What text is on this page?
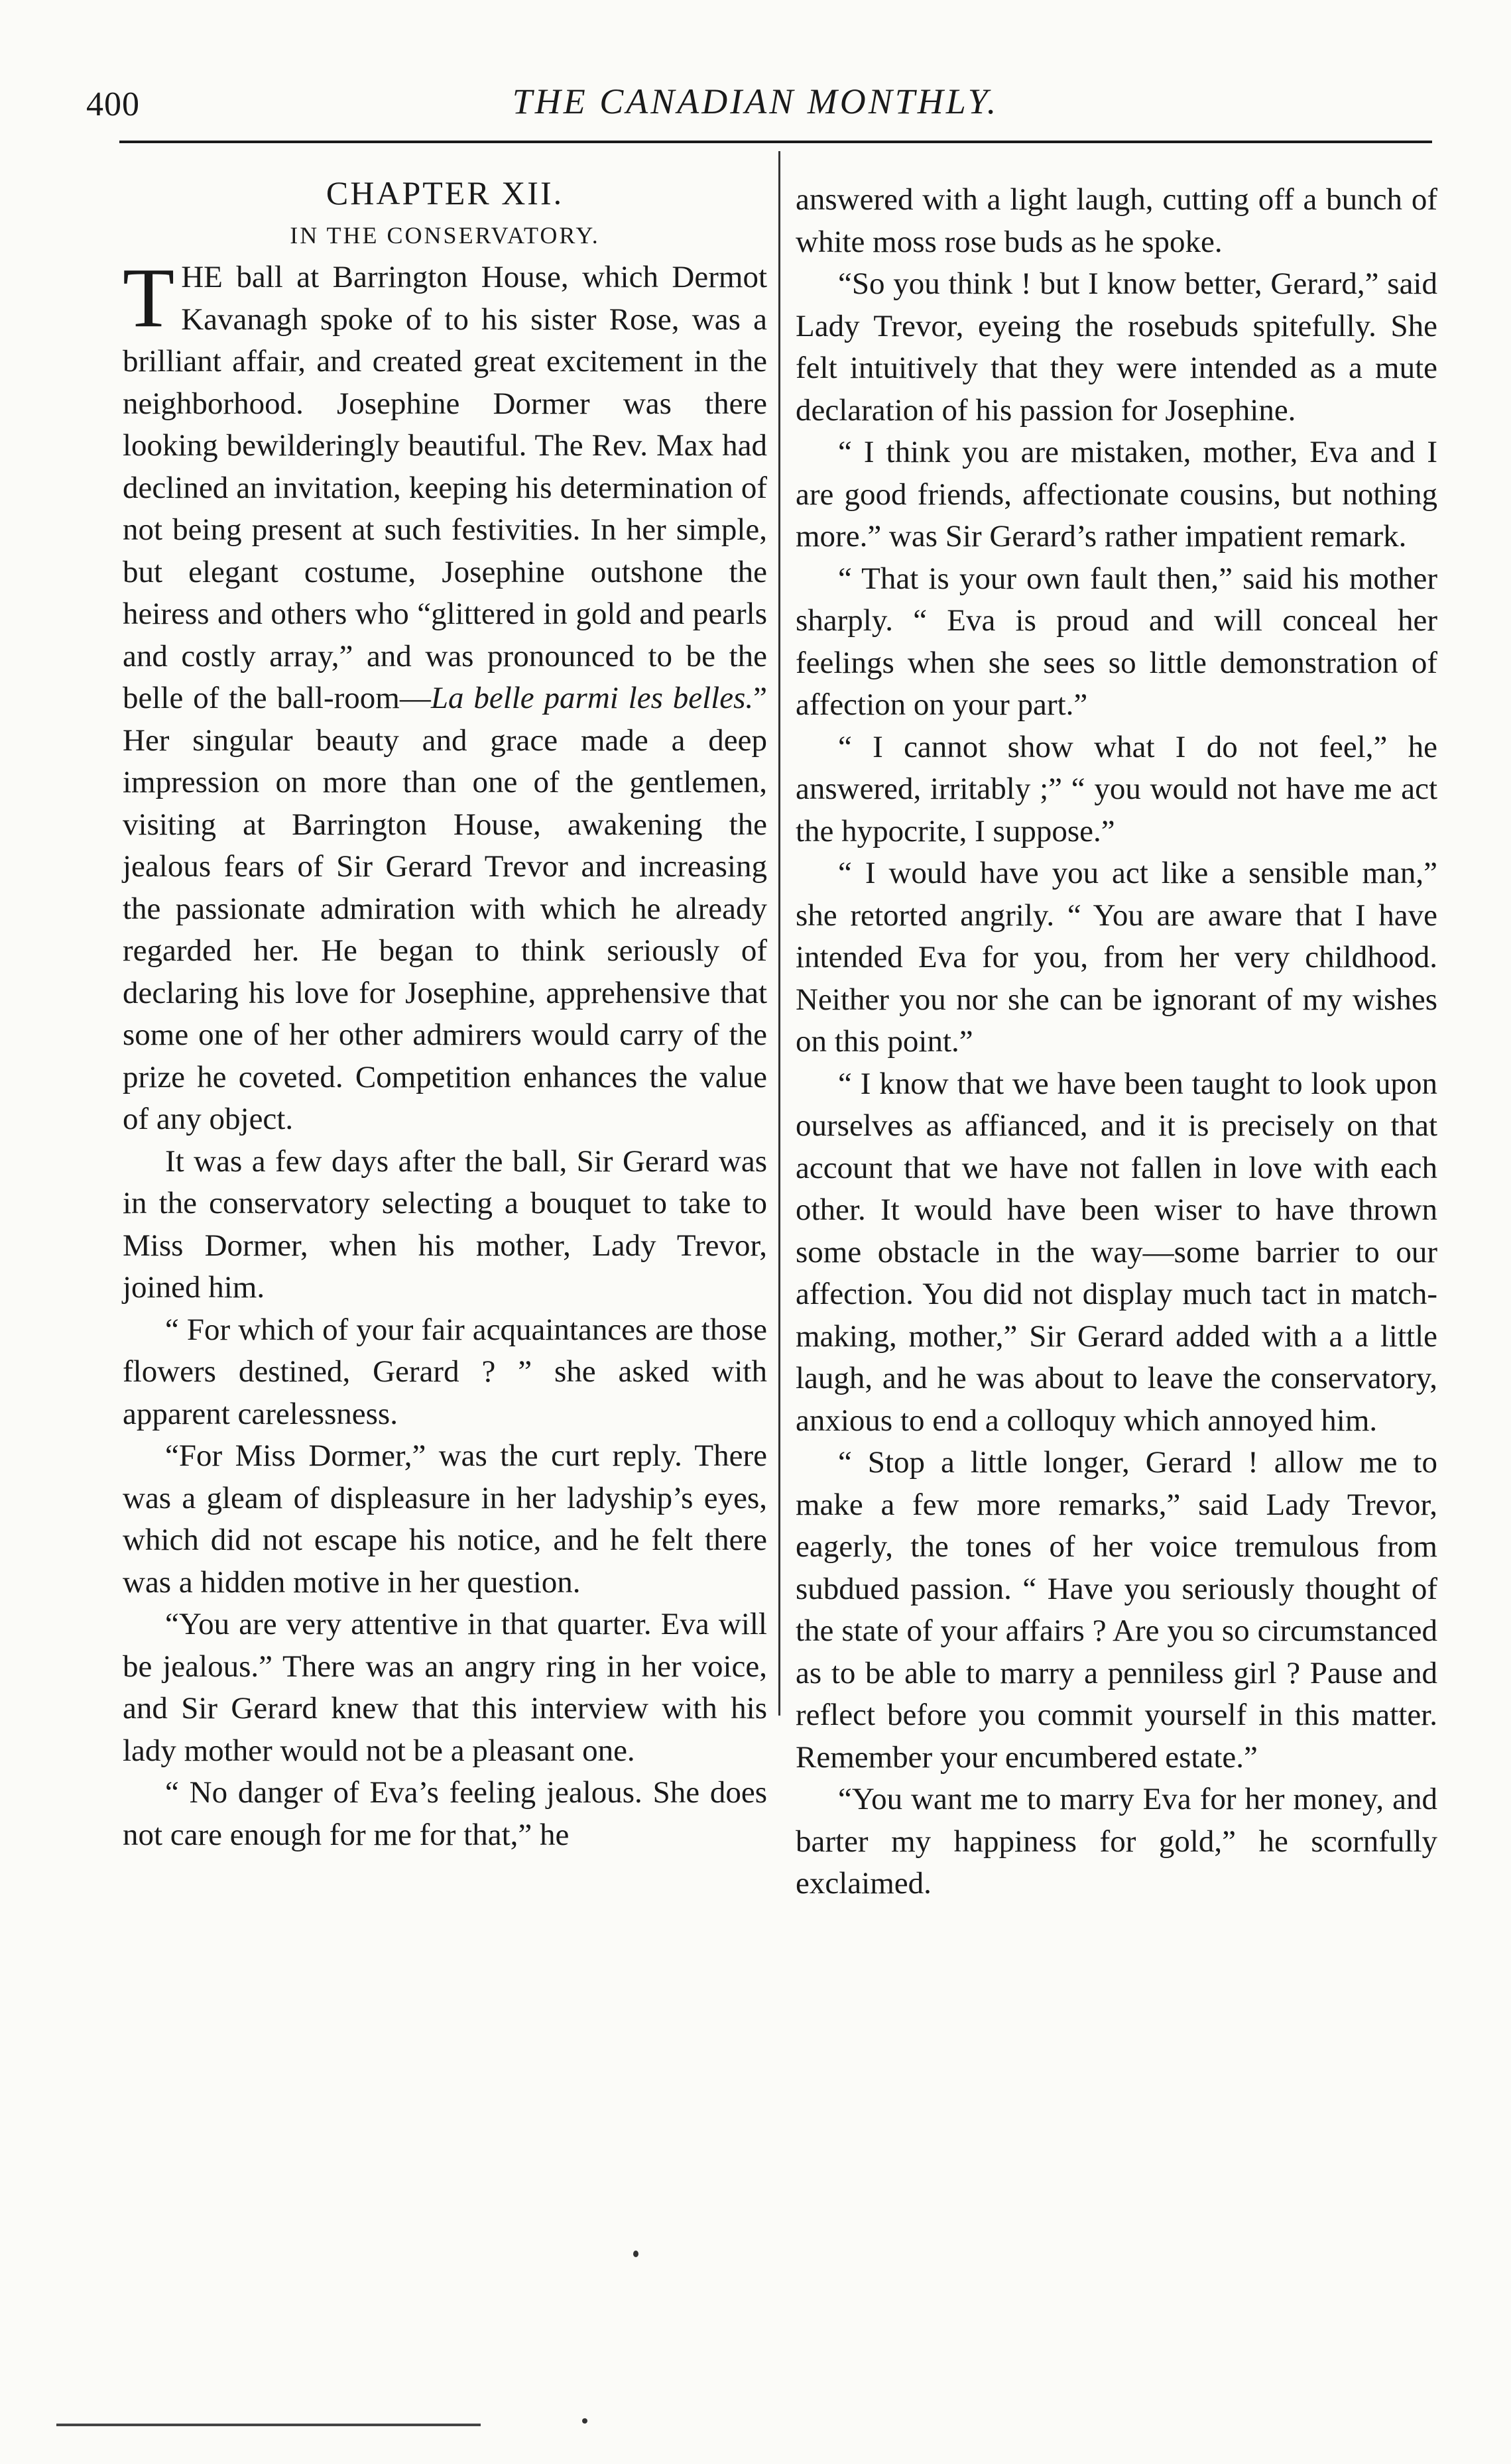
400	THE CANADIAN MONTHLY.

CHAPTER XII.

IN THE CONSERVATORY.

THE ball at Barrington House, which Dermot Kavanagh spoke of to his sister Rose, was a brilliant affair, and created great excitement in the neighborhood. Josephine Dormer was there looking bewilderingly beautiful. The Rev. Max had declined an invitation, keeping his determination of not being present at such festivities. In her simple, but elegant costume, Josephine outshone the heiress and others who “glittered in gold and pearls and costly array,” and was pronounced to be the belle of the ball-room—La belle parmi les belles.” Her singular beauty and grace made a deep impression on more than one of the gentlemen, visiting at Barrington House, awakening the jealous fears of Sir Gerard Trevor and increasing the passionate admiration with which he already regarded her. He began to think seriously of declaring his love for Josephine, apprehensive that some one of her other admirers would carry of the prize he coveted. Competition enhances the value of any object.

It was a few days after the ball, Sir Gerard was in the conservatory selecting a bouquet to take to Miss Dormer, when his mother, Lady Trevor, joined him.

“ For which of your fair acquaintances are those flowers destined, Gerard ? ” she asked with apparent carelessness.

“For Miss Dormer,” was the curt reply. There was a gleam of displeasure in her ladyship’s eyes, which did not escape his notice, and he felt there was a hidden motive in her question.

“You are very attentive in that quarter. Eva will be jealous.” There was an angry ring in her voice, and Sir Gerard knew that this interview with his lady mother would not be a pleasant one.

“ No danger of Eva’s feeling jealous. She does not care enough for me for that,” he

answered with a light laugh, cutting off a bunch of white moss rose buds as he spoke.

“So you think ! but I know better, Gerard,” said Lady Trevor, eyeing the rosebuds spitefully. She felt intuitively that they were intended as a mute declaration of his passion for Josephine.

“ I think you are mistaken, mother, Eva and I are good friends, affectionate cousins, but nothing more.” was Sir Gerard’s rather impatient remark.

“ That is your own fault then,” said his mother sharply. “ Eva is proud and will conceal her feelings when she sees so little demonstration of affection on your part.”

“ I cannot show what I do not feel,” he answered, irritably ;” “ you would not have me act the hypocrite, I suppose.”

“ I would have you act like a sensible man,” she retorted angrily. “ You are aware that I have intended Eva for you, from her very childhood. Neither you nor she can be ignorant of my wishes on this point.”

“ I know that we have been taught to look upon ourselves as affianced, and it is precisely on that account that we have not fallen in love with each other. It would have been wiser to have thrown some obstacle in the way—some barrier to our affection. You did not display much tact in match-making, mother,” Sir Gerard added with a a little laugh, and he was about to leave the conservatory, anxious to end a colloquy which annoyed him.

“ Stop a little longer, Gerard ! allow me to make a few more remarks,” said Lady Trevor, eagerly, the tones of her voice tremulous from subdued passion. “ Have you seriously thought of the state of your affairs ? Are you so circumstanced as to be able to marry a penniless girl ? Pause and reflect before you commit yourself in this matter. Remember your encumbered estate.”

“You want me to marry Eva for her money, and barter my happiness for gold,” he scornfully exclaimed.
